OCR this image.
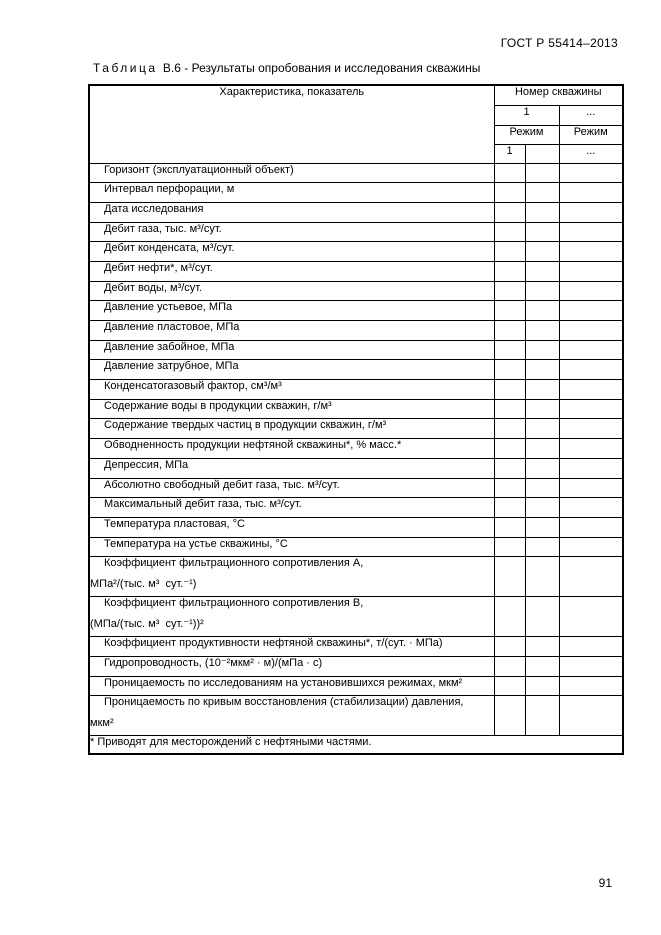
ГОСТ Р 55414–2013
Таблица В.6 - Результаты опробования и исследования скважины
Характеристика, показатель	Номер скважины		
	1		...
	Режим		Режим
	1		...

Горизонт (эксплуатационный объект)			

Интервал перфорации, м			

Дата исследования			

Дебит газа, тыс. м³/сут.			

Дебит конденсата, м³/сут.			

Дебит нефти*, м³/сут.			

Дебит воды, м³/сут.			

Давление устьевое, МПа			

Давление пластовое, МПа			

Давление забойное, МПа			

Давление затрубное, МПа			

Конденсатогазовый фактор, см³/м³			

Содержание воды в продукции скважин, г/м³			

Содержание твердых частиц в продукции скважин, г/м³			

Обводненность продукции нефтяной скважины*, % масс.*			

Депрессия, МПа			

Абсолютно свободный дебит газа, тыс. м³/сут.			

Максимальный дебит газа, тыс. м³/сут.			

Температура пластовая, °С			

Температура на устье скважины, °С			

Коэффициент фильтрационного сопротивления А,
МПа²/(тыс. м³  сут.⁻¹)			

Коэффициент фильтрационного сопротивления В,
(МПа/(тыс. м³  сут.⁻¹))²			

Коэффициент продуктивности нефтяной скважины*, т/(сут. · МПа)			

Гидропроводность, (10⁻²мкм² · м)/(мПа · с)			

Проницаемость по исследованиям на установившихся режимах, мкм²			

Проницаемость по кривым восстановления (стабилизации) давления,
мкм²			

* Приводят для месторождений с нефтяными частями.			
91
